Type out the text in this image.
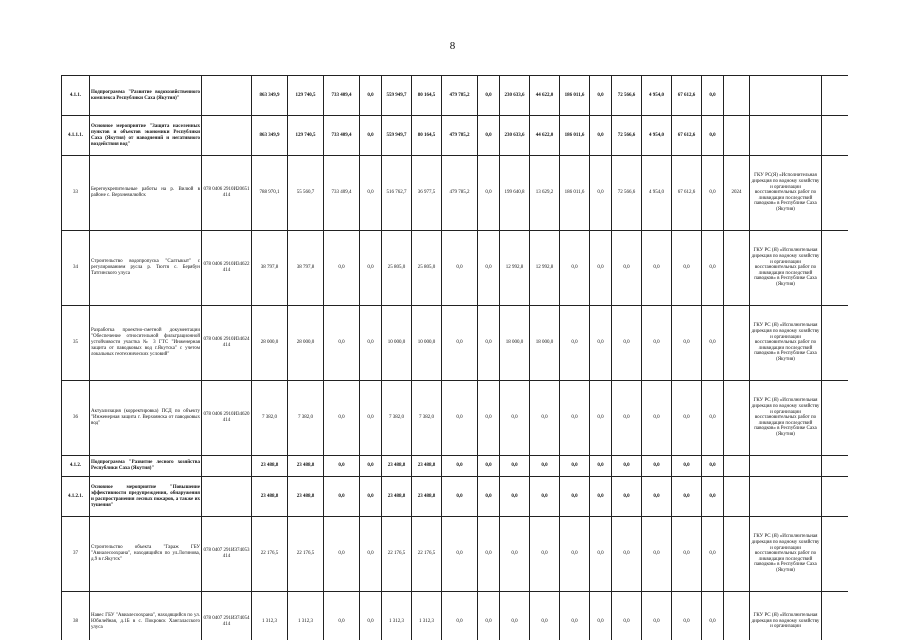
8
4.1.1.	Подпрограмма "Развитие водохозяйственного комплекса Республики Саха (Якутия)"		863 349,9	129 740,5	733 409,4	0,0	559 949,7	80 164,5	479 785,2	0,0	230 633,6	44 622,0	186 011,6	0,0	72 566,6	4 954,0	67 612,6	0,0			
4.1.1.1.	Основное мероприятие "Защита населенных пунктов и объектов экономики Республики Саха (Якутия) от наводнений и негативного воздействия вод"		863 349,9	129 740,5	733 409,4	0,0	559 949,7	80 164,5	479 785,2	0,0	230 633,6	44 622,0	186 011,6	0,0	72 566,6	4 954,0	67 612,6	0,0			
33	Берегоукрепительные работы на р. Вилюй в районе с. Верхневилюйск	078 0406 2910И20651 414	788 970,1	55 560,7	733 409,4	0,0	516 762,7	36 977,5	479 785,2	0,0	199 640,8	13 629,2	186 011,6	0,0	72 566,6	4 954,0	67 612,6	0,0	2024	ГКУ РС(Я) «Исполнительная дирекция по водному хозяйству и организации восстановительных работ по ликвидации последствий паводков» в Республике Саха (Якутия)	
34	Строительство водопропуска "Салтыкыт" с регулированием русла р. Тюгтя с. Берябун Татгинского улуса	078 0406 2910И34622 414	38 797,8	38 797,8	0,0	0,0	25 805,0	25 805,0	0,0	0,0	12 992,8	12 992,8	0,0	0,0	0,0	0,0	0,0	0,0		ГКУ РС (Я) «Исполнительная дирекция по водному хозяйству и организации восстановительных работ по ликвидации последствий паводков» в Республике Саха (Якутия)	
35	Разработка проектно-сметной документации "Обеспечение относительной фильтрационной устойчивости участка № 3 ГТС "Инженерная защита от паводковых вод г.Якутска" с учетом локальных геотехнических условий"	078 0406 2910И34624 414	28 000,0	28 000,0	0,0	0,0	10 000,0	10 000,0	0,0	0,0	18 000,0	18 000,0	0,0	0,0	0,0	0,0	0,0	0,0		ГКУ РС (Я) «Исполнительная дирекция по водному хозяйству и организации восстановительных работ по ликвидации последствий паводков» в Республике Саха (Якутия)	
36	Актуализация (корректировка) ПСД по объекту "Инженерная защита г. Верхоянска от паводковых вод"	078 0406 2910И34620 414	7 382,0	7 382,0	0,0	0,0	7 382,0	7 382,0	0,0	0,0	0,0	0,0	0,0	0,0	0,0	0,0	0,0	0,0		ГКУ РС (Я) «Исполнительная дирекция по водному хозяйству и организации восстановительных работ по ликвидации последствий паводков» в Республике Саха (Якутия)	
4.1.2.	Подпрограмма "Развитие лесного хозяйства Республики Саха (Якутия)"		23 488,8	23 488,8	0,0	0,0	23 488,8	23 488,8	0,0	0,0	0,0	0,0	0,0	0,0	0,0	0,0	0,0	0,0			
4.1.2.1.	Основное мероприятие "Повышение эффективности предупреждения, обнаружения и распространения лесных пожаров, а также их тушения"		23 488,8	23 488,8	0,0	0,0	23 488,8	23 488,8	0,0	0,0	0,0	0,0	0,0	0,0	0,0	0,0	0,0	0,0			
37	Строительство объекта "Гараж ГБУ "Авиалесоохрана", находящийся по ул.Логинова, д.9 в г.Якутск"	078 0407 291ИЗ74053 414	22 176,5	22 176,5	0,0	0,0	22 176,5	22 176,5	0,0	0,0	0,0	0,0	0,0	0,0	0,0	0,0	0,0	0,0		ГКУ РС (Я) «Исполнительная дирекция по водному хозяйству и организации восстановительных работ по ликвидации последствий паводков» в Республике Саха (Якутия)	
38	Навес ГБУ "Авиалесоохрана", находящийся по ул. Юбилейная, д.1Б в с. Покровск Хангаласского улуса	078 0407 291ИЗ74054 414	1 312,3	1 312,3	0,0	0,0	1 312,3	1 312,3	0,0	0,0	0,0	0,0	0,0	0,0	0,0	0,0	0,0	0,0		ГКУ РС (Я) «Исполнительная дирекция по водному хозяйству и организации	
